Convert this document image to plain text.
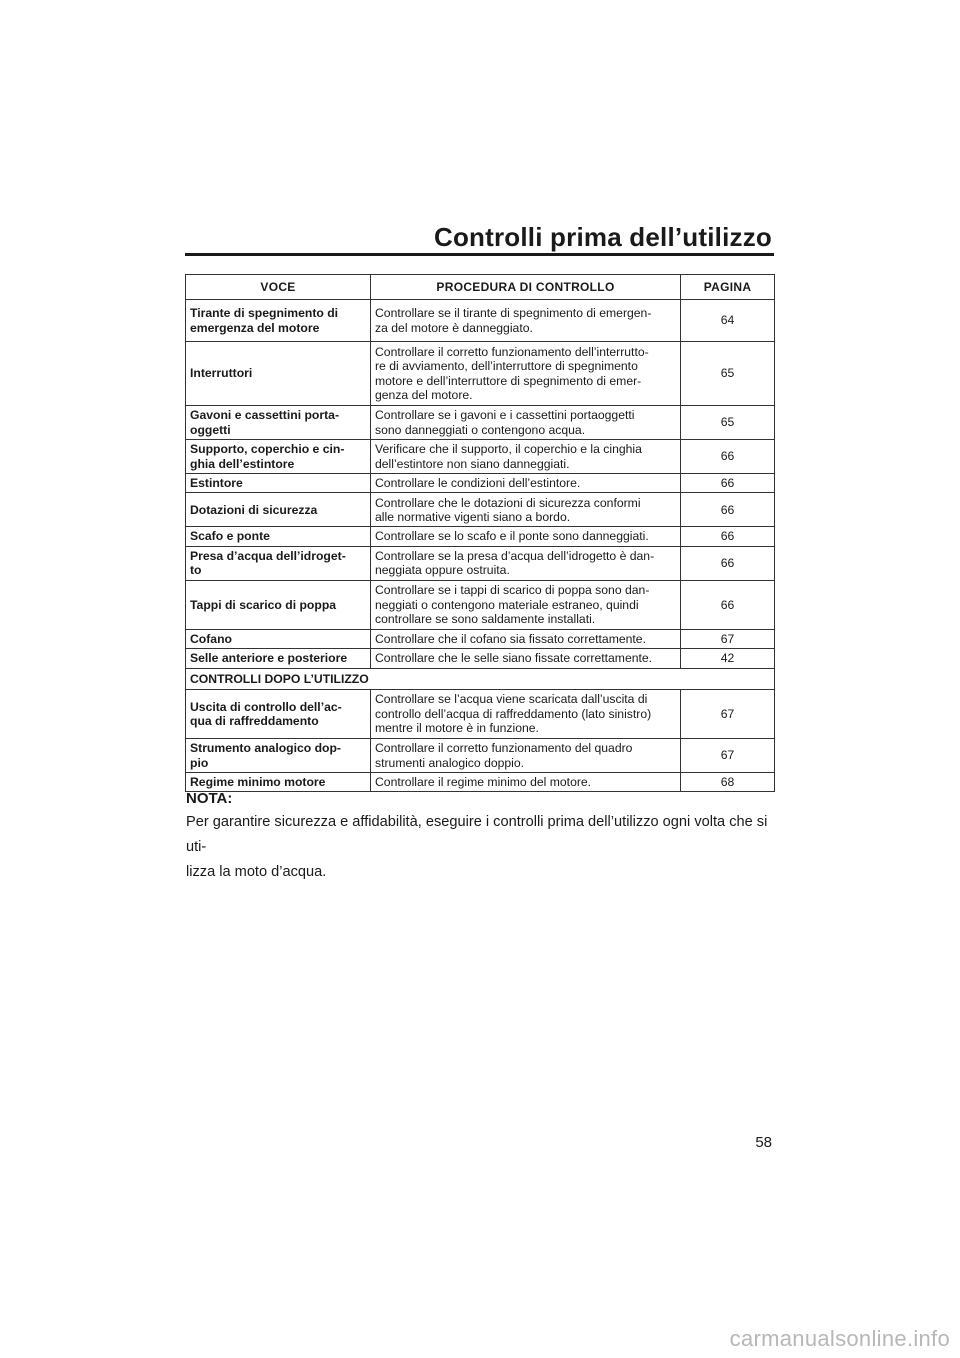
Controlli prima dell’utilizzo
VOCE	PROCEDURA DI CONTROLLO	PAGINA
Tirante di spegnimento di
emergenza del motore	Controllare se il tirante di spegnimento di emergen-
za del motore è danneggiato.	64
Interruttori	Controllare il corretto funzionamento dell’interrutto-
re di avviamento, dell’interruttore di spegnimento
motore e dell’interruttore di spegnimento di emer-
genza del motore.	65
Gavoni e cassettini porta-
oggetti	Controllare se i gavoni e i cassettini portaoggetti
sono danneggiati o contengono acqua.	65
Supporto, coperchio e cin-
ghia dell’estintore	Verificare che il supporto, il coperchio e la cinghia
dell’estintore non siano danneggiati.	66
Estintore	Controllare le condizioni dell’estintore.	66
Dotazioni di sicurezza	Controllare che le dotazioni di sicurezza conformi
alle normative vigenti siano a bordo.	66
Scafo e ponte	Controllare se lo scafo e il ponte sono danneggiati.	66
Presa d’acqua dell’idroget-
to	Controllare se la presa d’acqua dell’idrogetto è dan-
neggiata oppure ostruita.	66
Tappi di scarico di poppa	Controllare se i tappi di scarico di poppa sono dan-
neggiati o contengono materiale estraneo, quindi
controllare se sono saldamente installati.	66
Cofano	Controllare che il cofano sia fissato correttamente.	67
Selle anteriore e posteriore	Controllare che le selle siano fissate correttamente.	42
CONTROLLI DOPO L’UTILIZZO		
Uscita di controllo dell’ac-
qua di raffreddamento	Controllare se l’acqua viene scaricata dall’uscita di
controllo dell’acqua di raffreddamento (lato sinistro)
mentre il motore è in funzione.	67
Strumento analogico dop-
pio	Controllare il corretto funzionamento del quadro
strumenti analogico doppio.	67
Regime minimo motore	Controllare il regime minimo del motore.	68
NOTA:
Per garantire sicurezza e affidabilità, eseguire i controlli prima dell’utilizzo ogni volta che si uti-
lizza la moto d’acqua.
58
carmanualsonline.info
